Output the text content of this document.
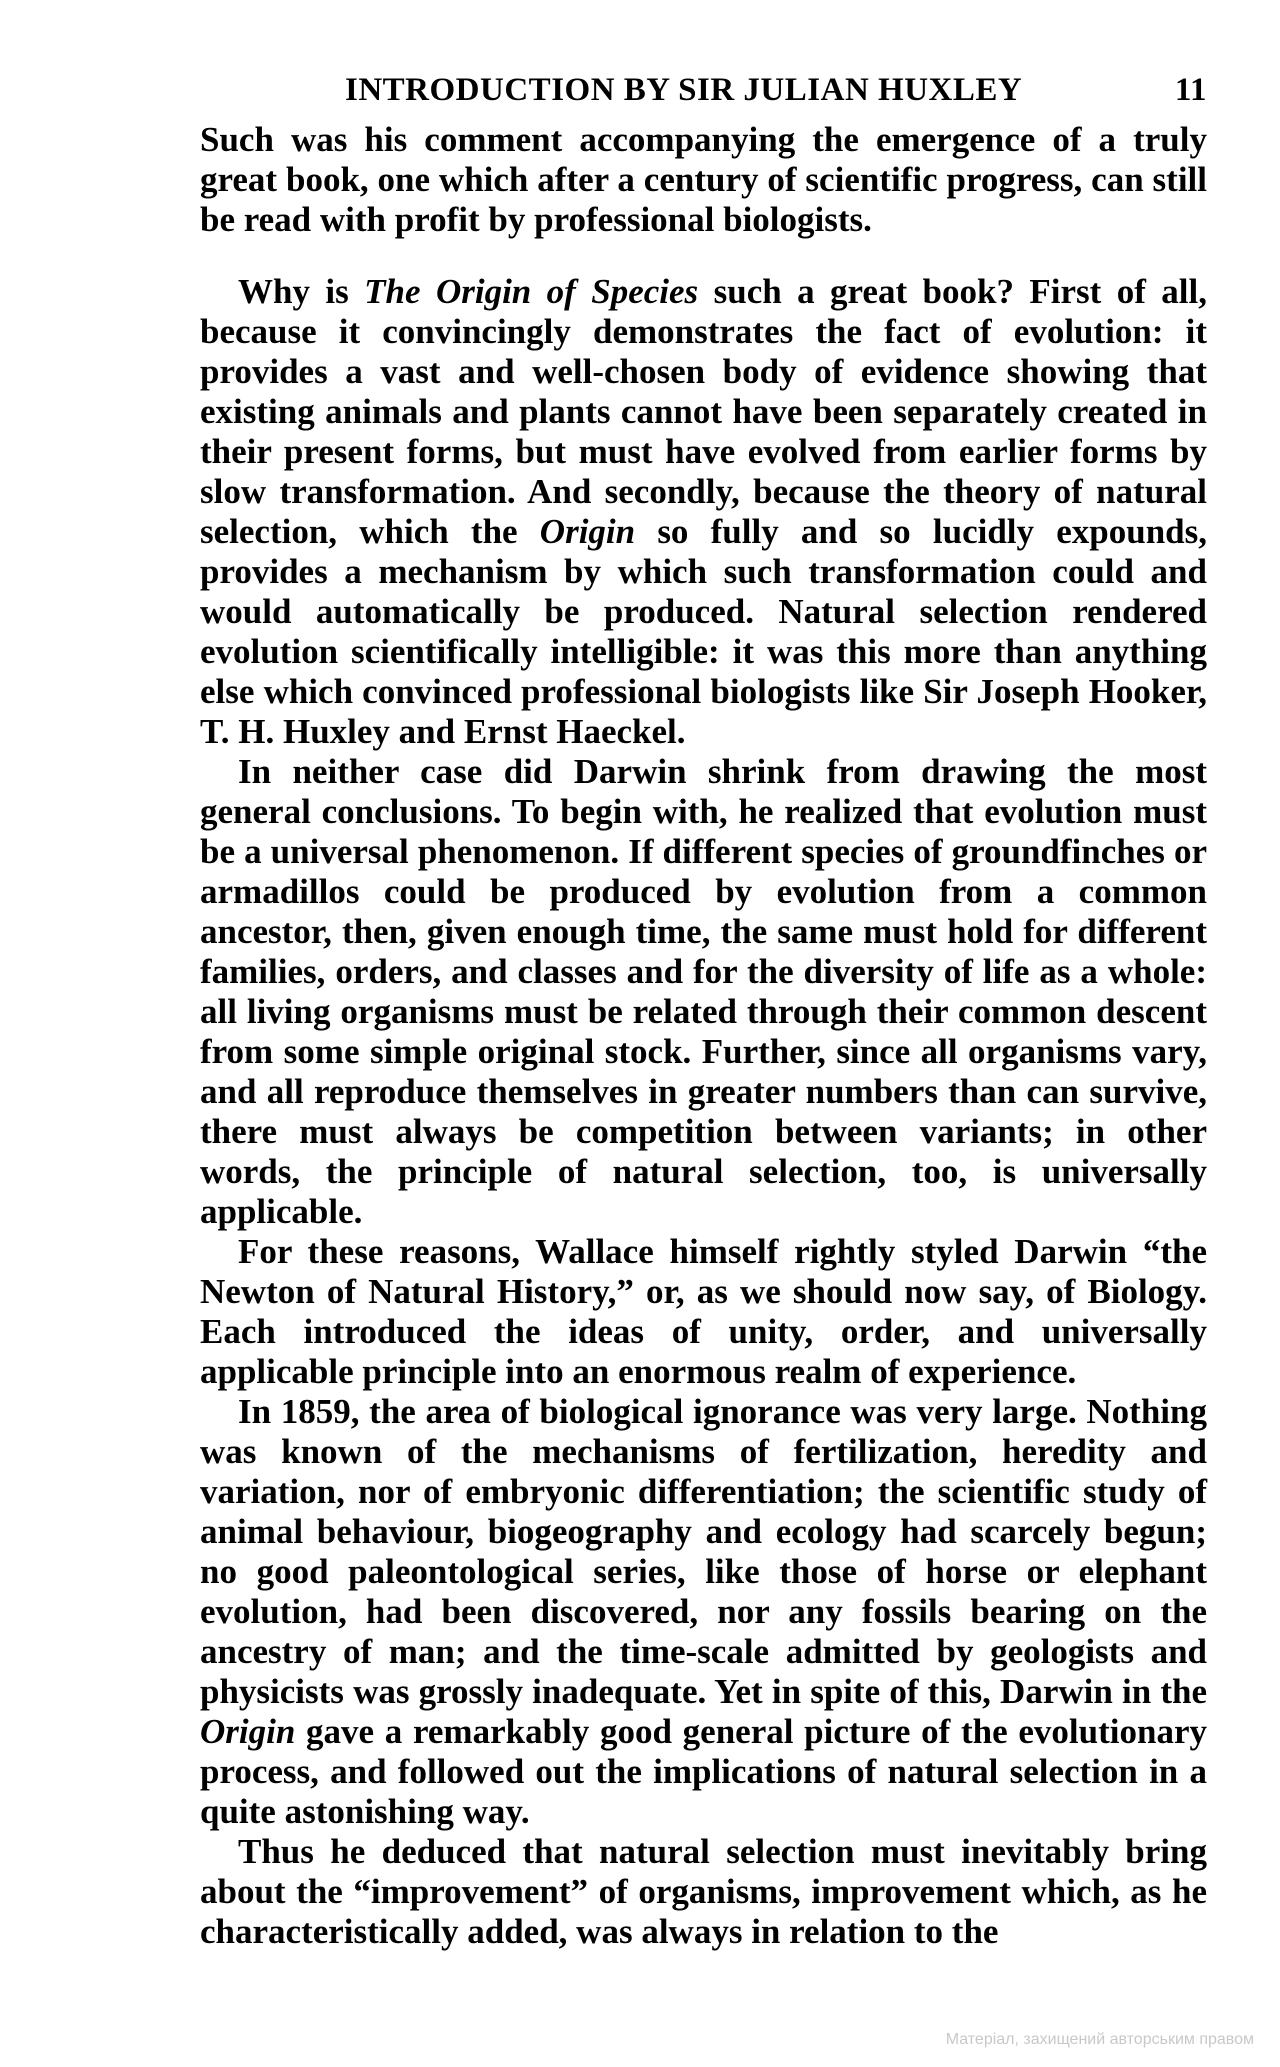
INTRODUCTION BY SIR JULIAN HUXLEY	11

Such was his comment accompanying the emergence of a truly great book, one which after a century of scientific progress, can still be read with profit by professional biologists.

Why is The Origin of Species such a great book? First of all, because it convincingly demonstrates the fact of evolution: it provides a vast and well-chosen body of evidence showing that existing animals and plants cannot have been separately created in their present forms, but must have evolved from earlier forms by slow transformation. And secondly, because the theory of natural selection, which the Origin so fully and so lucidly expounds, provides a mechanism by which such transformation could and would automatically be produced. Natural selection rendered evolution scientifically intelligible: it was this more than anything else which convinced professional biologists like Sir Joseph Hooker, T. H. Huxley and Ernst Haeckel.

In neither case did Darwin shrink from drawing the most general conclusions. To begin with, he realized that evolution must be a universal phenomenon. If different species of groundfinches or armadillos could be produced by evolution from a common ancestor, then, given enough time, the same must hold for different families, orders, and classes and for the diversity of life as a whole: all living organisms must be related through their common descent from some simple original stock. Further, since all organisms vary, and all reproduce themselves in greater numbers than can survive, there must always be competition between variants; in other words, the principle of natural selection, too, is universally applicable.

For these reasons, Wallace himself rightly styled Darwin “the Newton of Natural History,” or, as we should now say, of Biology. Each introduced the ideas of unity, order, and universally applicable principle into an enormous realm of experience.

In 1859, the area of biological ignorance was very large. Nothing was known of the mechanisms of fertilization, heredity and variation, nor of embryonic differentiation; the scientific study of animal behaviour, biogeography and ecology had scarcely begun; no good paleontological series, like those of horse or elephant evolution, had been discovered, nor any fossils bearing on the ancestry of man; and the time-scale admitted by geologists and physicists was grossly inadequate. Yet in spite of this, Darwin in the Origin gave a remarkably good general picture of the evolutionary process, and followed out the implications of natural selection in a quite astonishing way.

Thus he deduced that natural selection must inevitably bring about the “improvement” of organisms, improvement which, as he characteristically added, was always in relation to the

Матеріал, захищений авторським правом
